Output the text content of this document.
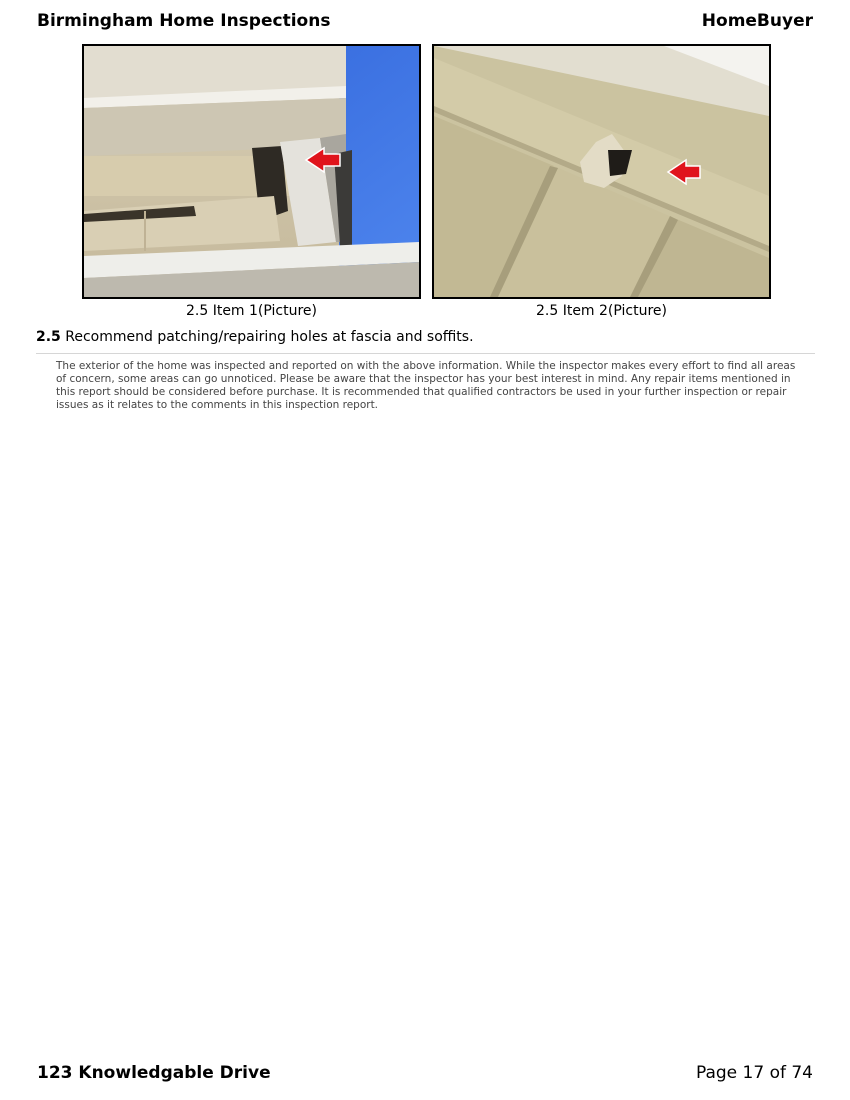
Birmingham Home Inspections	HomeBuyer
2.5 Item 1(Picture)	2.5 Item 2(Picture)
2.5 Recommend patching/repairing holes at fascia and soffits.
The exterior of the home was inspected and reported on with the above information. While the inspector makes every effort to find all areas of concern, some areas can go unnoticed. Please be aware that the inspector has your best interest in mind. Any repair items mentioned in this report should be considered before purchase. It is recommended that qualified contractors be used in your further inspection or repair issues as it relates to the comments in this inspection report.
123 Knowledgable Drive	Page 17 of 74
